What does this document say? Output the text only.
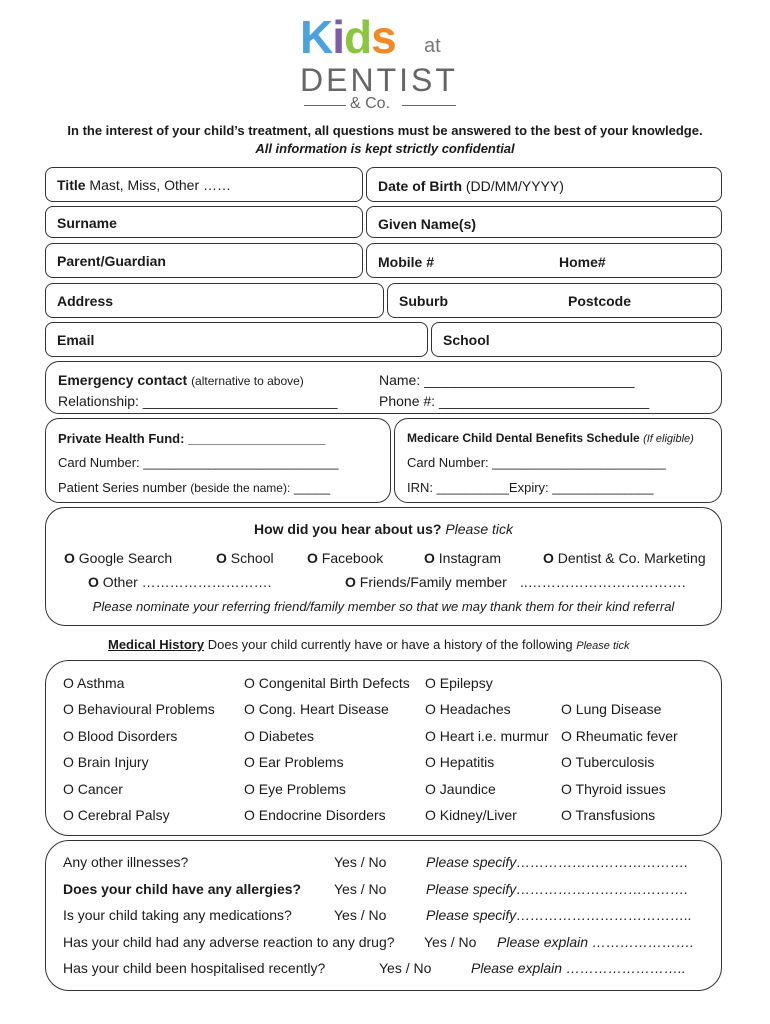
Kids at
DENTIST
& Co.
In the interest of your child’s treatment, all questions must be answered to the best of your knowledge.
All information is kept strictly confidential
Title Mast, Miss, Other ……	Date of Birth (DD/MM/YYYY)
Surname	Given Name(s)
Parent/Guardian	Mobile #	Home#
Address	Suburb	Postcode
Email	School
Emergency contact (alternative to above)
Relationship: _________________________
Name: ___________________________
Phone #: ___________________________
Private Health Fund: ___________________
Card Number: ___________________________
Patient Series number (beside the name): _____
Medicare Child Dental Benefits Schedule (If eligible)
Card Number: ________________________
IRN: __________Expiry: ______________
How did you hear about us? Please tick
O Google Search	O School O Facebook	O Instagram	O Dentist & Co. Marketing
O Other ……………………….	O Friends/Family member ..…………………………….
Please nominate your referring friend/family member so that we may thank them for their kind referral
Medical History Does your child currently have or have a history of the following Please tick
O Asthma	O Congenital Birth Defects O Epilepsy
O Behavioural Problems O Cong. Heart Disease	O Headaches	O Lung Disease
O Blood Disorders	O Diabetes	O Heart i.e. murmur O Rheumatic fever
O Brain Injury	O Ear Problems	O Hepatitis	O Tuberculosis
O Cancer	O Eye Problems	O Jaundice	O Thyroid issues
O Cerebral Palsy	O Endocrine Disorders	O Kidney/Liver	O Transfusions
Any other illnesses?	Yes / No	Please specify……………………………….
Does your child have any allergies? Yes / No	Please specify……………………………….
Is your child taking any medications?	Yes / No	Please specify………………………………..
Has your child had any adverse reaction to any drug? Yes / No Please explain ………………….
Has your child been hospitalised recently?	Yes / No	Please explain ……………………..
